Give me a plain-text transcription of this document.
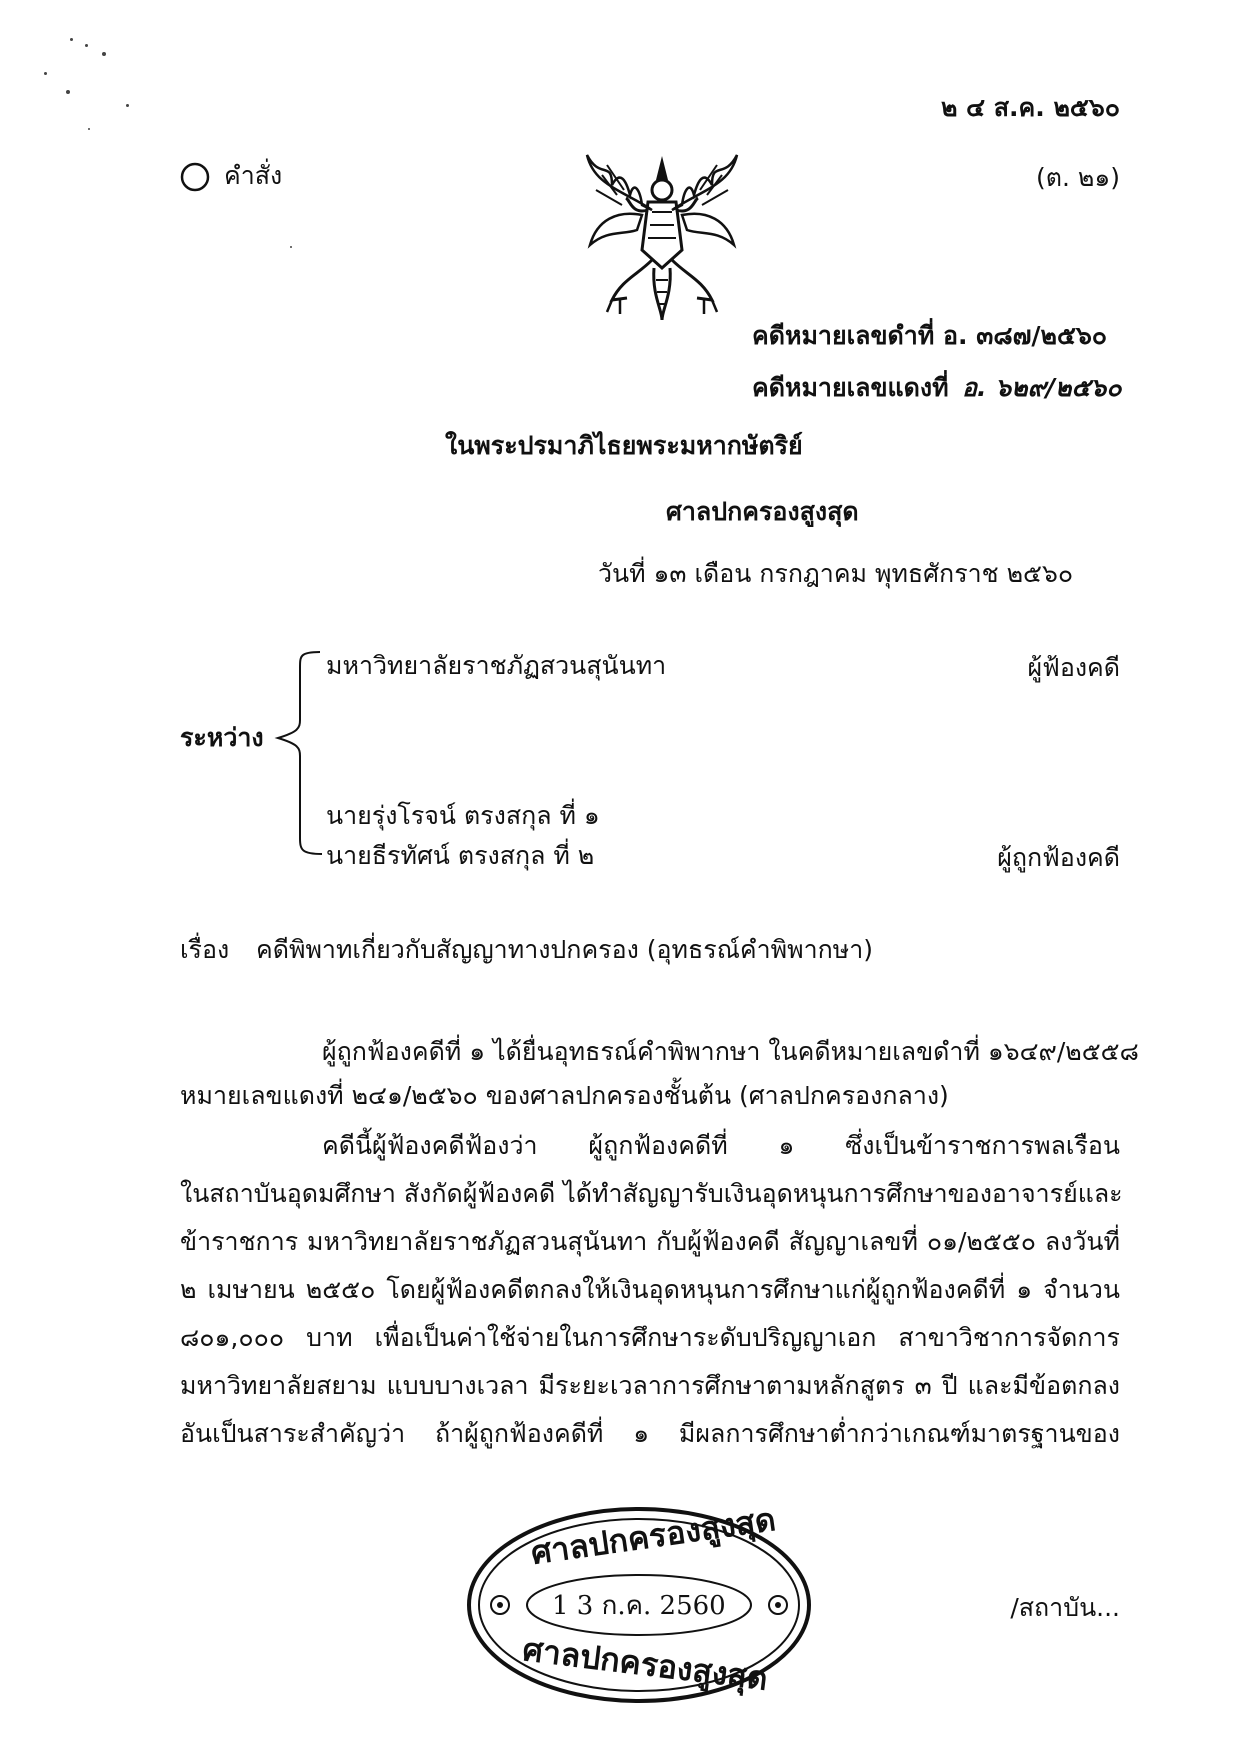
๒ ๔ ส.ค. ๒๕๖๐
คำสั่ง	(ต. ๒๑)
คดีหมายเลขดำที่ อ. ๓๘๗/๒๕๖๐
คดีหมายเลขแดงที่ อ. ๖๒๙/๒๕๖๐
ในพระปรมาภิไธยพระมหากษัตริย์
ศาลปกครองสูงสุด
วันที่ ๑๓ เดือน กรกฎาคม พุทธศักราช ๒๕๖๐
มหาวิทยาลัยราชภัฏสวนสุนันทา	ผู้ฟ้องคดี
ระหว่าง
นายรุ่งโรจน์ ตรงสกุล ที่ ๑
นายธีรทัศน์ ตรงสกุล ที่ ๒	ผู้ถูกฟ้องคดี
เรื่อง คดีพิพาทเกี่ยวกับสัญญาทางปกครอง (อุทธรณ์คำพิพากษา)
ผู้ถูกฟ้องคดีที่ ๑ ได้ยื่นอุทธรณ์คำพิพากษา ในคดีหมายเลขดำที่ ๑๖๔๙/๒๕๕๘
หมายเลขแดงที่ ๒๔๑/๒๕๖๐ ของศาลปกครองชั้นต้น (ศาลปกครองกลาง)
คดีนี้ผู้ฟ้องคดีฟ้องว่า ผู้ถูกฟ้องคดีที่ ๑ ซึ่งเป็นข้าราชการพลเรือน
ในสถาบันอุดมศึกษา สังกัดผู้ฟ้องคดี ได้ทำสัญญารับเงินอุดหนุนการศึกษาของอาจารย์และ
ข้าราชการ มหาวิทยาลัยราชภัฏสวนสุนันทา กับผู้ฟ้องคดี สัญญาเลขที่ ๐๑/๒๕๕๐ ลงวันที่
๒ เมษายน ๒๕๕๐ โดยผู้ฟ้องคดีตกลงให้เงินอุดหนุนการศึกษาแก่ผู้ถูกฟ้องคดีที่ ๑ จำนวน
๘๐๑,๐๐๐ บาท เพื่อเป็นค่าใช้จ่ายในการศึกษาระดับปริญญาเอก สาขาวิชาการจัดการ
มหาวิทยาลัยสยาม แบบบางเวลา มีระยะเวลาการศึกษาตามหลักสูตร ๓ ปี และมีข้อตกลง
อันเป็นสาระสำคัญว่า ถ้าผู้ถูกฟ้องคดีที่ ๑ มีผลการศึกษาต่ำกว่าเกณฑ์มาตรฐานของ
ศาลปกครองสูงสุด
1 3 ก.ค. 2560
ศาลปกครองสูงสุด
/สถาบัน...
